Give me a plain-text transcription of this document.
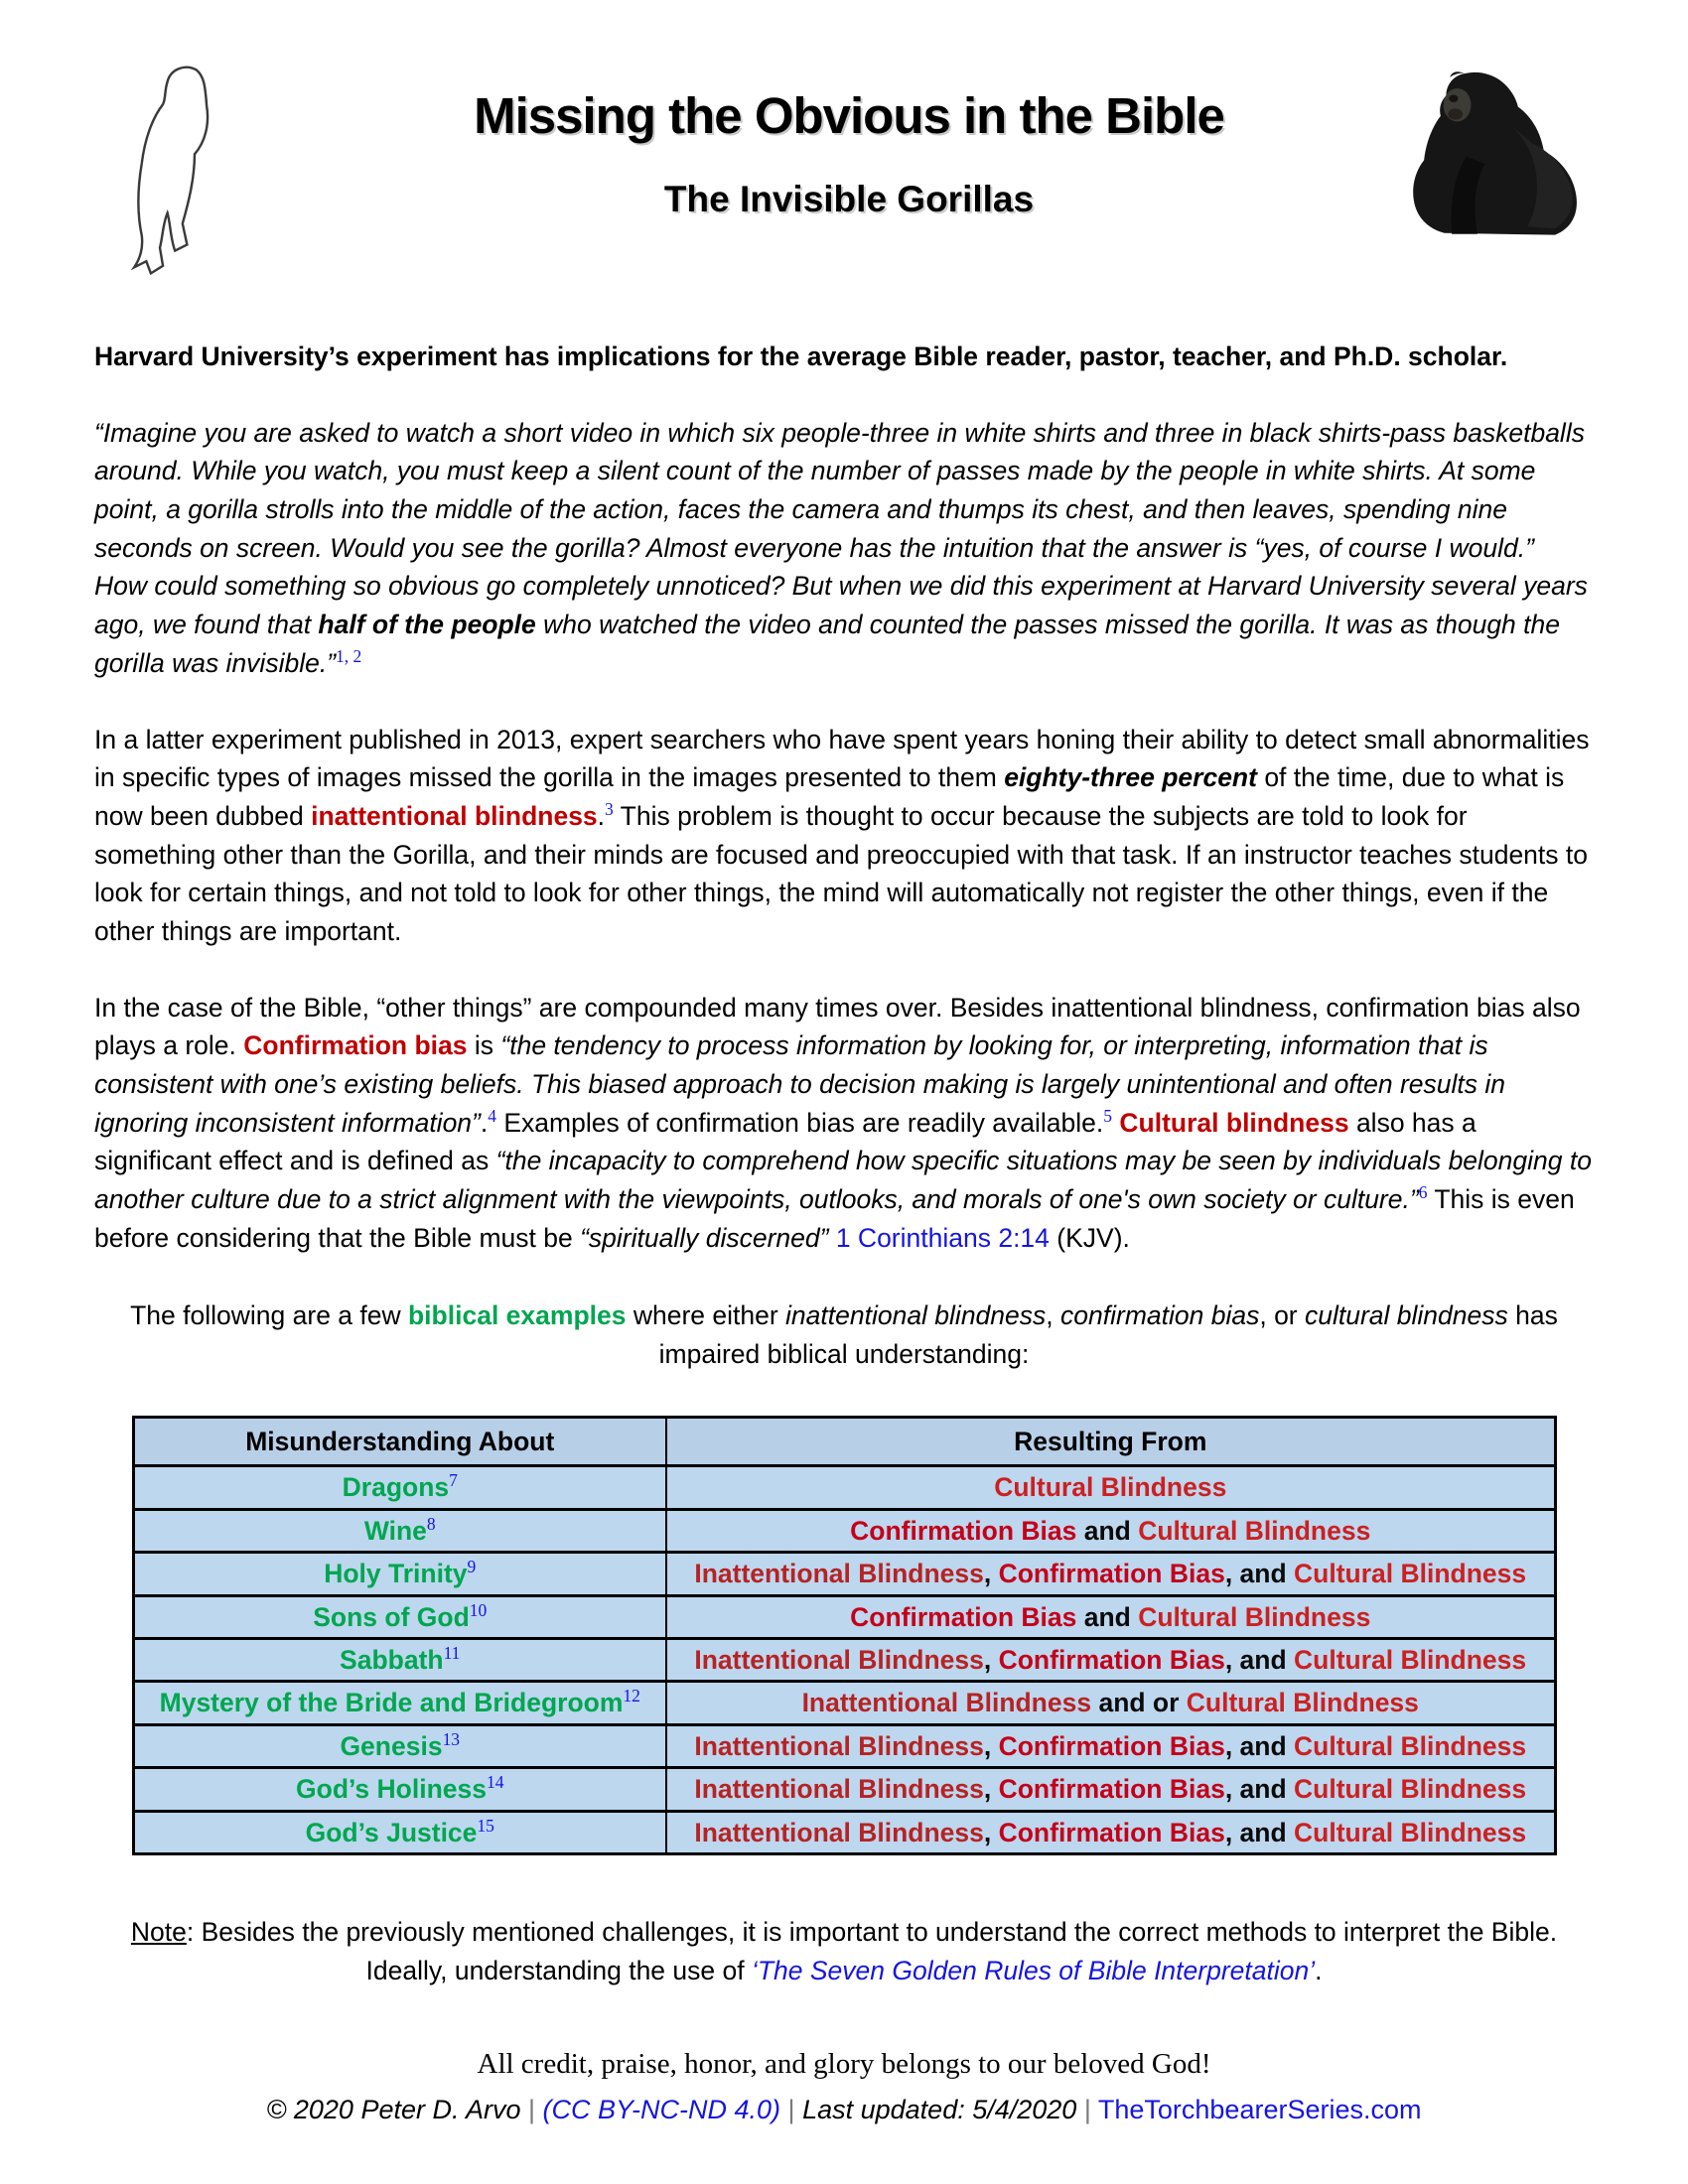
Missing the Obvious in the Bible
The Invisible Gorillas

Harvard University’s experiment has implications for the average Bible reader, pastor, teacher, and Ph.D. scholar.

“Imagine you are asked to watch a short video in which six people-three in white shirts and three in black shirts-pass basketballs around. While you watch, you must keep a silent count of the number of passes made by the people in white shirts. At some point, a gorilla strolls into the middle of the action, faces the camera and thumps its chest, and then leaves, spending nine seconds on screen. Would you see the gorilla? Almost everyone has the intuition that the answer is “yes, of course I would.” How could something so obvious go completely unnoticed? But when we did this experiment at Harvard University several years ago, we found that half of the people who watched the video and counted the passes missed the gorilla. It was as though the gorilla was invisible.”$^{1, 2}$

In a latter experiment published in 2013, expert searchers who have spent years honing their ability to detect small abnormalities in specific types of images missed the gorilla in the images presented to them eighty-three percent of the time, due to what is now been dubbed inattentional blindness.$^3$ This problem is thought to occur because the subjects are told to look for something other than the Gorilla, and their minds are focused and preoccupied with that task. If an instructor teaches students to look for certain things, and not told to look for other things, the mind will automatically not register the other things, even if the other things are important.

In the case of the Bible, “other things” are compounded many times over. Besides inattentional blindness, confirmation bias also plays a role. Confirmation bias is “the tendency to process information by looking for, or interpreting, information that is consistent with one’s existing beliefs. This biased approach to decision making is largely unintentional and often results in ignoring inconsistent information”.$^4$ Examples of confirmation bias are readily available.$^5$ Cultural blindness also has a significant effect and is defined as “the incapacity to comprehend how specific situations may be seen by individuals belonging to another culture due to a strict alignment with the viewpoints, outlooks, and morals of one's own society or culture.”$^6$ This is even before considering that the Bible must be “spiritually discerned” 1 Corinthians 2:14 (KJV).

The following are a few biblical examples where either inattentional blindness, confirmation bias, or cultural blindness has impaired biblical understanding:

Misunderstanding About	Resulting From
Dragons$^7$	Cultural Blindness
Wine$^8$	Confirmation Bias and Cultural Blindness
Holy Trinity$^9$	Inattentional Blindness, Confirmation Bias, and Cultural Blindness
Sons of God$^{10}$	Confirmation Bias and Cultural Blindness
Sabbath$^{11}$	Inattentional Blindness, Confirmation Bias, and Cultural Blindness
Mystery of the Bride and Bridegroom$^{12}$	Inattentional Blindness and or Cultural Blindness
Genesis$^{13}$	Inattentional Blindness, Confirmation Bias, and Cultural Blindness
God’s Holiness$^{14}$	Inattentional Blindness, Confirmation Bias, and Cultural Blindness
God’s Justice$^{15}$	Inattentional Blindness, Confirmation Bias, and Cultural Blindness

Note: Besides the previously mentioned challenges, it is important to understand the correct methods to interpret the Bible. Ideally, understanding the use of ‘The Seven Golden Rules of Bible Interpretation’.

All credit, praise, honor, and glory belongs to our beloved God!
© 2020 Peter D. Arvo | (CC BY-NC-ND 4.0) | Last updated: 5/4/2020 | TheTorchbearerSeries.com
